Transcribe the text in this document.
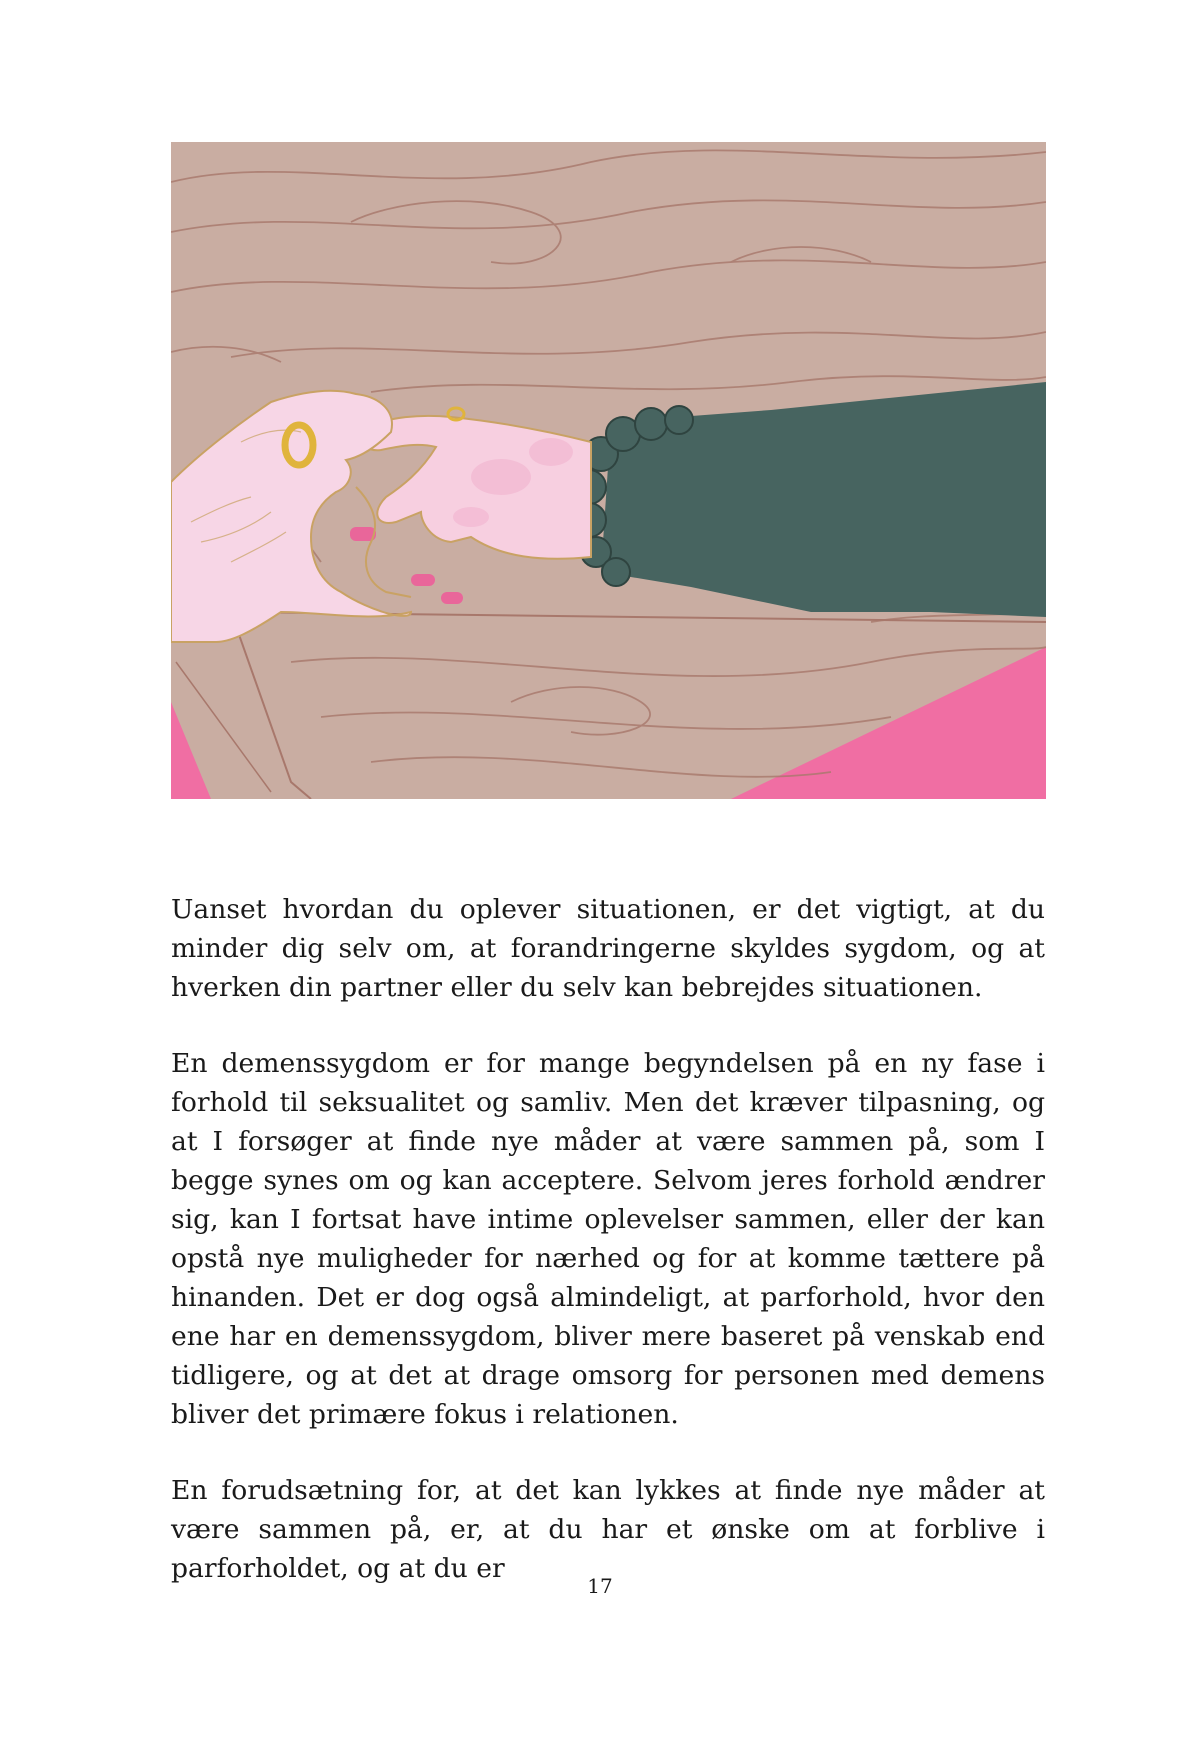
Uanset hvordan du oplever situationen, er det vigtigt, at du minder dig selv om, at forandringerne skyldes sygdom, og at hverken din partner eller du selv kan bebrejdes situationen.

En demenssygdom er for mange begyndelsen på en ny fase i forhold til seksualitet og samliv. Men det kræver tilpasning, og at I forsøger at finde nye måder at være sammen på, som I begge synes om og kan acceptere. Selvom jeres forhold ændrer sig, kan I fortsat have intime oplevelser sammen, eller der kan opstå nye muligheder for nærhed og for at komme tættere på hinanden. Det er dog også almindeligt, at parforhold, hvor den ene har en demenssygdom, bliver mere baseret på venskab end tidligere, og at det at drage omsorg for personen med demens bliver det primære fokus i relationen.

En forudsætning for, at det kan lykkes at finde nye måder at være sammen på, er, at du har et ønske om at forblive i parforholdet, og at du er

17
